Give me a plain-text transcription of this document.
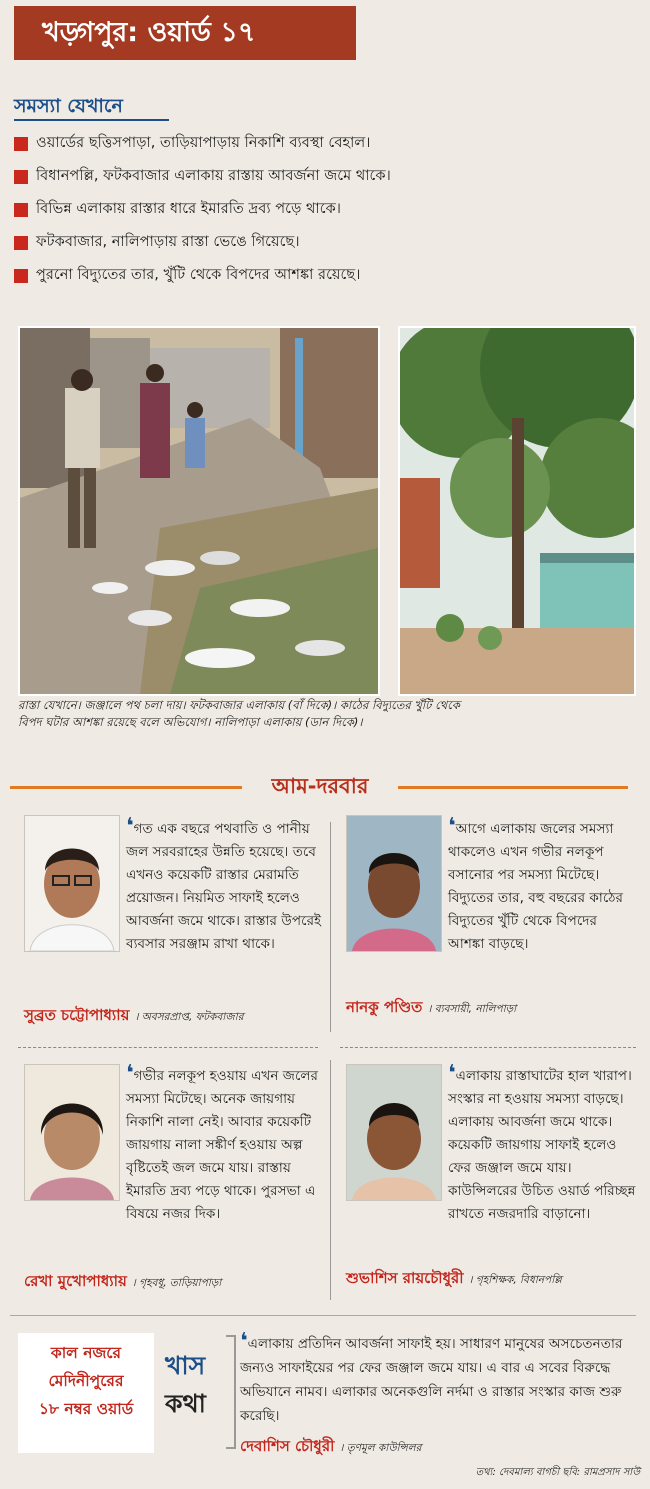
খড়্গপুর: ওয়ার্ড ১৭
সমস্যা যেখানে
ওয়ার্ডের ছত্তিসপাড়া, তাড়িয়াপাড়ায় নিকাশি ব্যবস্থা বেহাল।
বিধানপল্লি, ফটকবাজার এলাকায় রাস্তায় আবর্জনা জমে থাকে।
বিভিন্ন এলাকায় রাস্তার ধারে ইমারতি দ্রব্য পড়ে থাকে।
ফটকবাজার, নালিপাড়ায় রাস্তা ভেঙে গিয়েছে।
পুরনো বিদ্যুতের তার, খুঁটি থেকে বিপদের আশঙ্কা রয়েছে।
রাস্তা যেখানে। জঞ্জালে পথ চলা দায়। ফটকবাজার এলাকায় (বাঁ দিকে)। কাঠের বিদ্যুতের খুঁটি থেকে
বিপদ ঘটার আশঙ্কা রয়েছে বলে অভিযোগ। নালিপাড়া এলাকায় (ডান দিকে)।
আম-দরবার
❛গত এক বছরে পথবাতি ও পানীয় জল সরবরাহের উন্নতি হয়েছে। তবে এখনও কয়েকটি রাস্তার মেরামতি প্রয়োজন। নিয়মিত সাফাই হলেও আবর্জনা জমে থাকে। রাস্তার উপরেই ব্যবসার সরঞ্জাম রাখা থাকে।
সুব্রত চট্টোপাধ্যায় । অবসরপ্রাপ্ত, ফটকবাজার
❛আগে এলাকায় জলের সমস্যা থাকলেও এখন গভীর নলকূপ বসানোর পর সমস্যা মিটেছে। বিদ্যুতের তার, বহু বছরের কাঠের বিদ্যুতের খুঁটি থেকে বিপদের আশঙ্কা বাড়ছে।
নানকু পণ্ডিত । ব্যবসায়ী, নালিপাড়া
❛গভীর নলকূপ হওয়ায় এখন জলের সমস্যা মিটেছে। অনেক জায়গায় নিকাশি নালা নেই। আবার কয়েকটি জায়গায় নালা সঙ্কীর্ণ হওয়ায় অল্প বৃষ্টিতেই জল জমে যায়। রাস্তায় ইমারতি দ্রব্য পড়ে থাকে। পুরসভা এ বিষয়ে নজর দিক।
রেখা মুখোপাধ্যায় । গৃহবধূ, তাড়িয়াপাড়া
❛এলাকায় রাস্তাঘাটের হাল খারাপ। সংস্কার না হওয়ায় সমস্যা বাড়ছে। এলাকায় আবর্জনা জমে থাকে। কয়েকটি জায়গায় সাফাই হলেও ফের জঞ্জাল জমে যায়। কাউন্সিলরের উচিত ওয়ার্ড পরিচ্ছন্ন রাখতে নজরদারি বাড়ানো।
শুভাশিস রায়চৌধুরী । গৃহশিক্ষক, বিধানপল্লি
কাল নজরে
মেদিনীপুরের
১৮ নম্বর ওয়ার্ড
খাস
কথা
❛এলাকায় প্রতিদিন আবর্জনা সাফাই হয়। সাধারণ মানুষের অসচেতনতার জন্যও সাফাইয়ের পর ফের জঞ্জাল জমে যায়। এ বার এ সবের বিরুদ্ধে অভিযানে নামব। এলাকার অনেকগুলি নর্দমা ও রাস্তার সংস্কার কাজ শুরু করেছি।
দেবাশিস চৌধুরী । তৃণমূল কাউন্সিলর
তথ্য: দেবমাল্য বাগচী ছবি: রামপ্রসাদ সাউ
